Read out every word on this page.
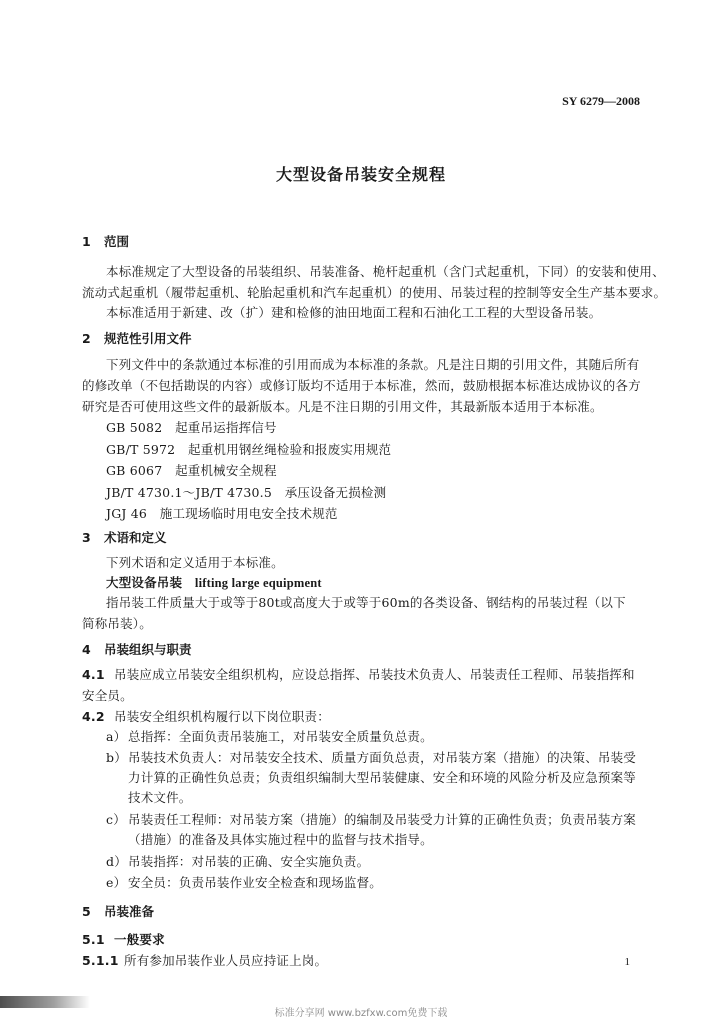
SY 6279—2008
大型设备吊装安全规程
1 范围
本标准规定了大型设备的吊装组织、吊装准备、桅杆起重机（含门式起重机，下同）的安装和使用、
流动式起重机（履带起重机、轮胎起重机和汽车起重机）的使用、吊装过程的控制等安全生产基本要求。
本标准适用于新建、改（扩）建和检修的油田地面工程和石油化工工程的大型设备吊装。
2 规范性引用文件
下列文件中的条款通过本标准的引用而成为本标准的条款。凡是注日期的引用文件，其随后所有
的修改单（不包括勘误的内容）或修订版均不适用于本标准，然而，鼓励根据本标准达成协议的各方
研究是否可使用这些文件的最新版本。凡是不注日期的引用文件，其最新版本适用于本标准。
GB 5082　 起重吊运指挥信号
GB/T 5972　 起重机用钢丝绳检验和报废实用规范
GB 6067　 起重机械安全规程
JB/T 4730.1～JB/T 4730.5　 承压设备无损检测
JGJ 46　 施工现场临时用电安全技术规范
3 术语和定义
下列术语和定义适用于本标准。
大型设备吊装　 lifting large equipment
指吊装工件质量大于或等于80t或高度大于或等于60m的各类设备、钢结构的吊装过程（以下
简称吊装）。
4 吊装组织与职责
4.1 吊装应成立吊装安全组织机构，应设总指挥、吊装技术负责人、吊装责任工程师、吊装指挥和
安全员。
4.2 吊装安全组织机构履行以下岗位职责：
a） 总指挥：全面负责吊装施工，对吊装安全质量负总责。
b）吊装技术负责人：对吊装安全技术、质量方面负总责，对吊装方案（措施）的决策、吊装受
力计算的正确性负总责；负责组织编制大型吊装健康、安全和环境的风险分析及应急预案等
技术文件。
c） 吊装责任工程师：对吊装方案（措施）的编制及吊装受力计算的正确性负责；负责吊装方案
（措施）的准备及具体实施过程中的监督与技术指导。
d）吊装指挥：对吊装的正确、安全实施负责。
e） 安全员：负责吊装作业安全检查和现场监督。
5 吊装准备
5.1 一般要求
5.1.1 所有参加吊装作业人员应持证上岗。	1
标准分享网 www.bzfxw.com免费下载
